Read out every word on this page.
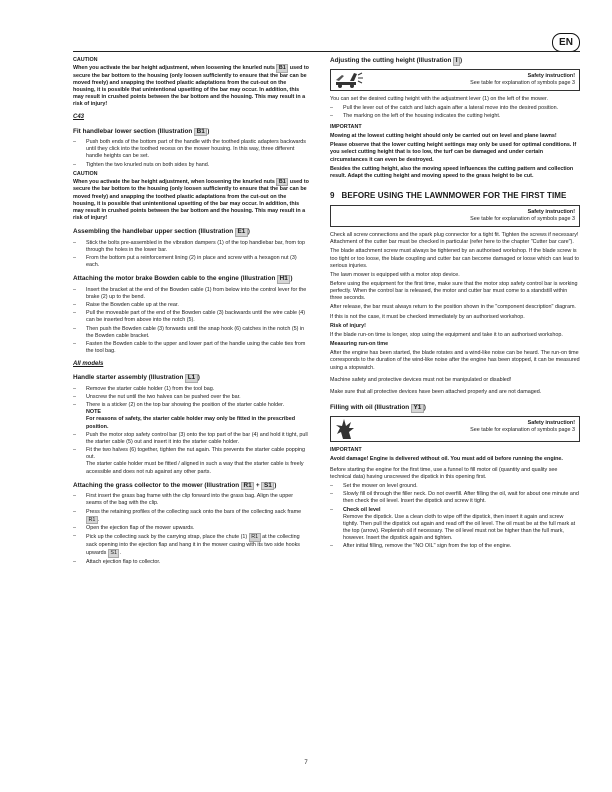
EN

CAUTION
When you activate the bar height adjustment, when loosening the knurled nuts B1 used to secure the bar bottom to the housing (only loosen sufficiently to ensure that the bar can be moved freely) and snapping the toothed plastic adaptations from the cut-out on the housing, it is possible that unintentional upsetting of the bar may occur. In addition, this may result in crushed points between the bar bottom and the housing. This may result in a risk of injury!

C43
Fit handlebar lower section (Illustration B1 )
– Push both ends of the bottom part of the handle with the toothed plastic adapters backwards until they click into the toothed recess on the mower housing. In this way, three different handle heights can be set.
– Tighten the two knurled nuts on both sides by hand.

CAUTION
When you activate the bar height adjustment, when loosening the knurled nuts B1 used to secure the bar bottom to the housing (only loosen sufficiently to ensure that the bar can be moved freely) and snapping the toothed plastic adaptations from the cut-out on the housing, it is possible that unintentional upsetting of the bar may occur. In addition, this may result in crushed points between the bar bottom and the housing. This may result in a risk of injury!

Assembling the handlebar upper section (Illustration E1 )
– Stick the bolts pre-assembled in the vibration dampers (1) of the top handlebar bar, from top through the holes in the lower bar.
– From the bottom put a reinforcement lining (2) in place and screw with a hexagon nut (3) each.
Attaching the motor brake Bowden cable to the engine (Illustration H1 )
– Insert the bracket at the end of the Bowden cable (1) from below into the control lever for the brake (2) up to the bend.
– Raise the Bowden cable up at the rear.
– Pull the moveable part of the end of the Bowden cable (3) backwards until the wire cable (4) can be inserted from above into the notch (5).
– Then push the Bowden cable (3) forwards until the snap hook (6) catches in the notch (5) in the Bowden cable bracket.
– Fasten the Bowden cable to the upper and lower part of the handle using the cable ties from the tool bag.
All models
Handle starter assembly (Illustration L1 )
– Remove the starter cable holder (1) from the tool bag.
– Unscrew the nut until the two halves can be pushed over the bar.
– There is a sticker (2) on the top bar showing the position of the starter cable holder.
NOTE
For reasons of safety, the starter cable holder may only be fitted in the prescribed position.
– Push the motor stop safety control bar (3) onto the top part of the bar (4) and hold it tight, pull the starter cable (5) out and insert it into the starter cable holder.
– Fit the two halves (6) together, tighten the nut again. This prevents the starter cable popping out.
The starter cable holder must be fitted / aligned in such a way that the starter cable is freely accessible and does not rub against any other parts.
Attaching the grass collector to the mower (Illustration R1 + S1 )
– First insert the grass bag frame with the clip forward into the grass bag. Align the upper seams of the bag with the clip.
– Press the retaining profiles of the collecting sack onto the bars of the collecting sack frame R1 .
– Open the ejection flap of the mower upwards.
– Pick up the collecting sack by the carrying strap, place the chute (1) R1 at the collecting sack opening into the ejection flap and hang it in the mower casing with its two side hooks upwards S1 .
– Attach ejection flap to collector.
Adjusting the cutting height (Illustration I )
Safety instruction!
See table for explanation of symbols page 3

You can set the desired cutting height with the adjustment lever (1) on the left of the mower.

– Pull the lever out of the catch and latch again after a lateral move into the desired position.
– The marking on the left of the housing indicates the cutting height.

IMPORTANT

Mowing at the lowest cutting height should only be carried out on level and plane lawns!

Please observe that the lower cutting height settings may only be used for optimal conditions. If you select cutting height that is too low, the turf can be damaged and under certain circumstances it can even be destroyed.

Besides the cutting height, also the moving speed influences the cutting pattern and collection result. Adapt the cutting height and moving speed to the grass height to be cut.

9 BEFORE USING THE LAWNMOWER FOR THE FIRST TIME
Safety instruction!
See table for explanation of symbols page 3

Check all screw connections and the spark plug connector for a tight fit. Tighten the screws if necessary! Attachment of the cutter bar must be checked in particular (refer here to the chapter "Cutter bar care").

The blade attachment screw must always be tightened by an authorised workshop. If the blade screw is too tight or too loose, the blade coupling and cutter bar can become damaged or loose which can lead to serious injuries.

The lawn mower is equipped with a motor stop device.

Before using the equipment for the first time, make sure that the motor stop safety control bar is working perfectly. When the control bar is released, the motor and cutter bar must come to a standstill within three seconds.

After release, the bar must always return to the position shown in the "component description" diagram.

If this is not the case, it must be checked immediately by an authorised workshop.

Risk of injury!

If the blade run-on time is longer, stop using the equipment and take it to an authorised workshop.

Measuring run-on time

After the engine has been started, the blade rotates and a wind-like noise can be heard. The run-on time corresponds to the duration of the wind-like noise after the engine has been stopped, it can be measured using a stopwatch.

Machine safety and protective devices must not be manipulated or disabled!

Make sure that all protective devices have been attached properly and are not damaged.

Filling with oil (Illustration Y1 )
Safety instruction!
See table for explanation of symbols page 3

IMPORTANT

Avoid damage! Engine is delivered without oil. You must add oil before running the engine.

Before starting the engine for the first time, use a funnel to fill motor oil (quantity and quality see technical data) having unscrewed the dipstick in this opening first.

– Set the mower on level ground.
– Slowly fill oil through the filler neck. Do not overfill. After filling the oil, wait for about one minute and then check the oil level. Insert the dipstick and screw it tight.
– Check oil level
Remove the dipstick. Use a clean cloth to wipe off the dipstick, then insert it again and screw tightly. Then pull the dipstick out again and read off the oil level. The oil must be at the full mark at the top (arrow). Replenish oil if necessary. The oil level must not be higher than the full mark, however. Insert the dipstick again and tighten.
– After initial filling, remove the "NO OIL" sign from the top of the engine.
7
